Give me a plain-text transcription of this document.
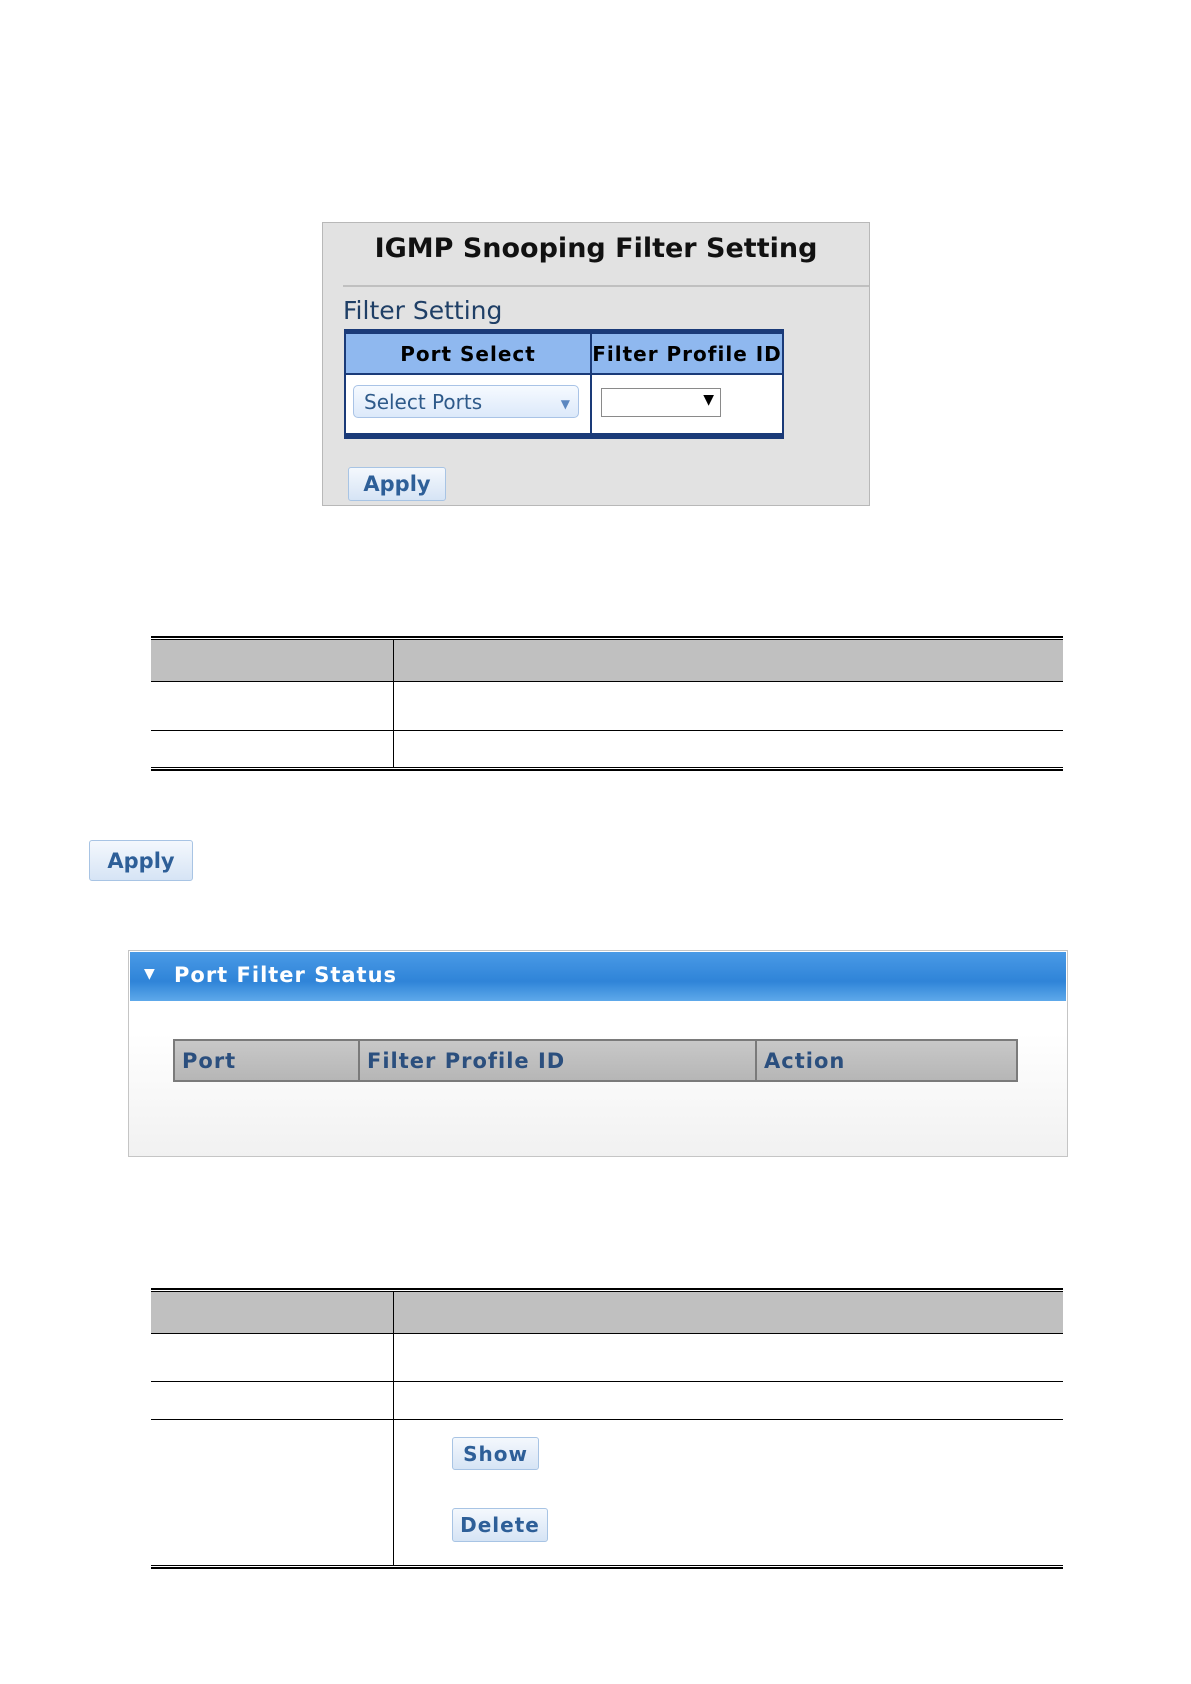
IGMP Snooping Filter Setting
Filter Setting
Port Select	Filter Profile ID
Select Ports	▼	▼
Apply
Apply
▼ Port Filter Status
Port	Filter Profile ID	Action
Show
Delete
